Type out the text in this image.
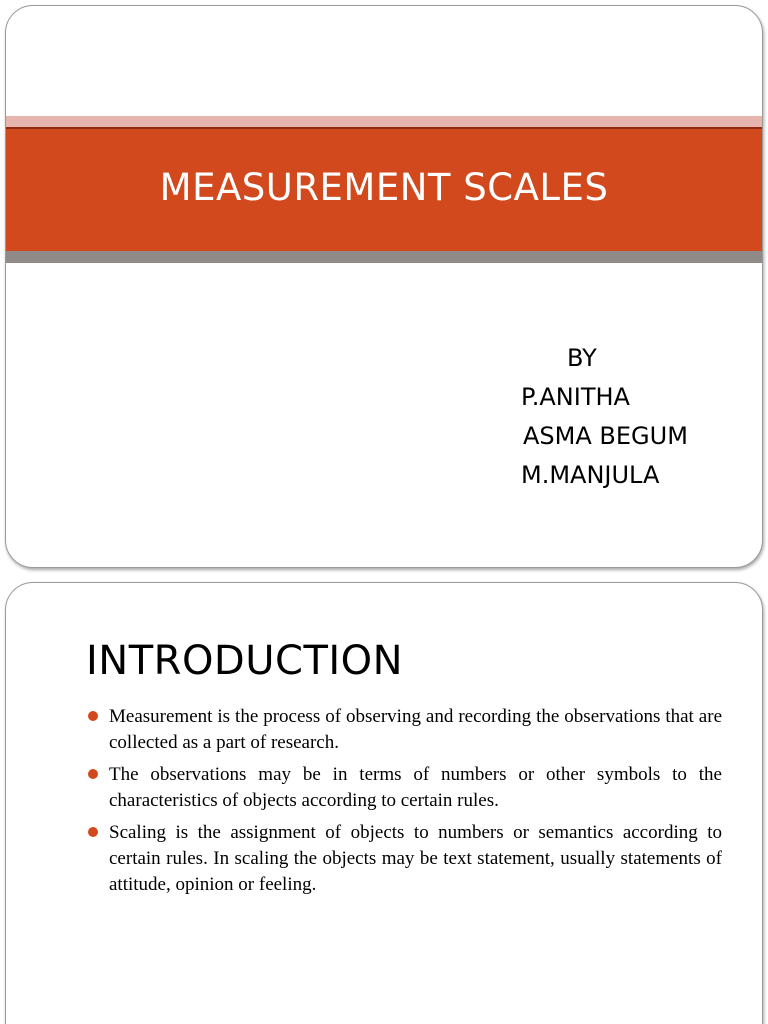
MEASUREMENT SCALES
BY
P.ANITHA
ASMA BEGUM
M.MANJULA
INTRODUCTION
Measurement is the process of observing and recording the observations that are collected as a part of research.
The observations may be in terms of numbers or other symbols to the characteristics of objects according to certain rules.
Scaling is the assignment of objects to numbers or semantics according to certain rules. In scaling the objects may be text statement, usually statements of attitude, opinion or feeling.
